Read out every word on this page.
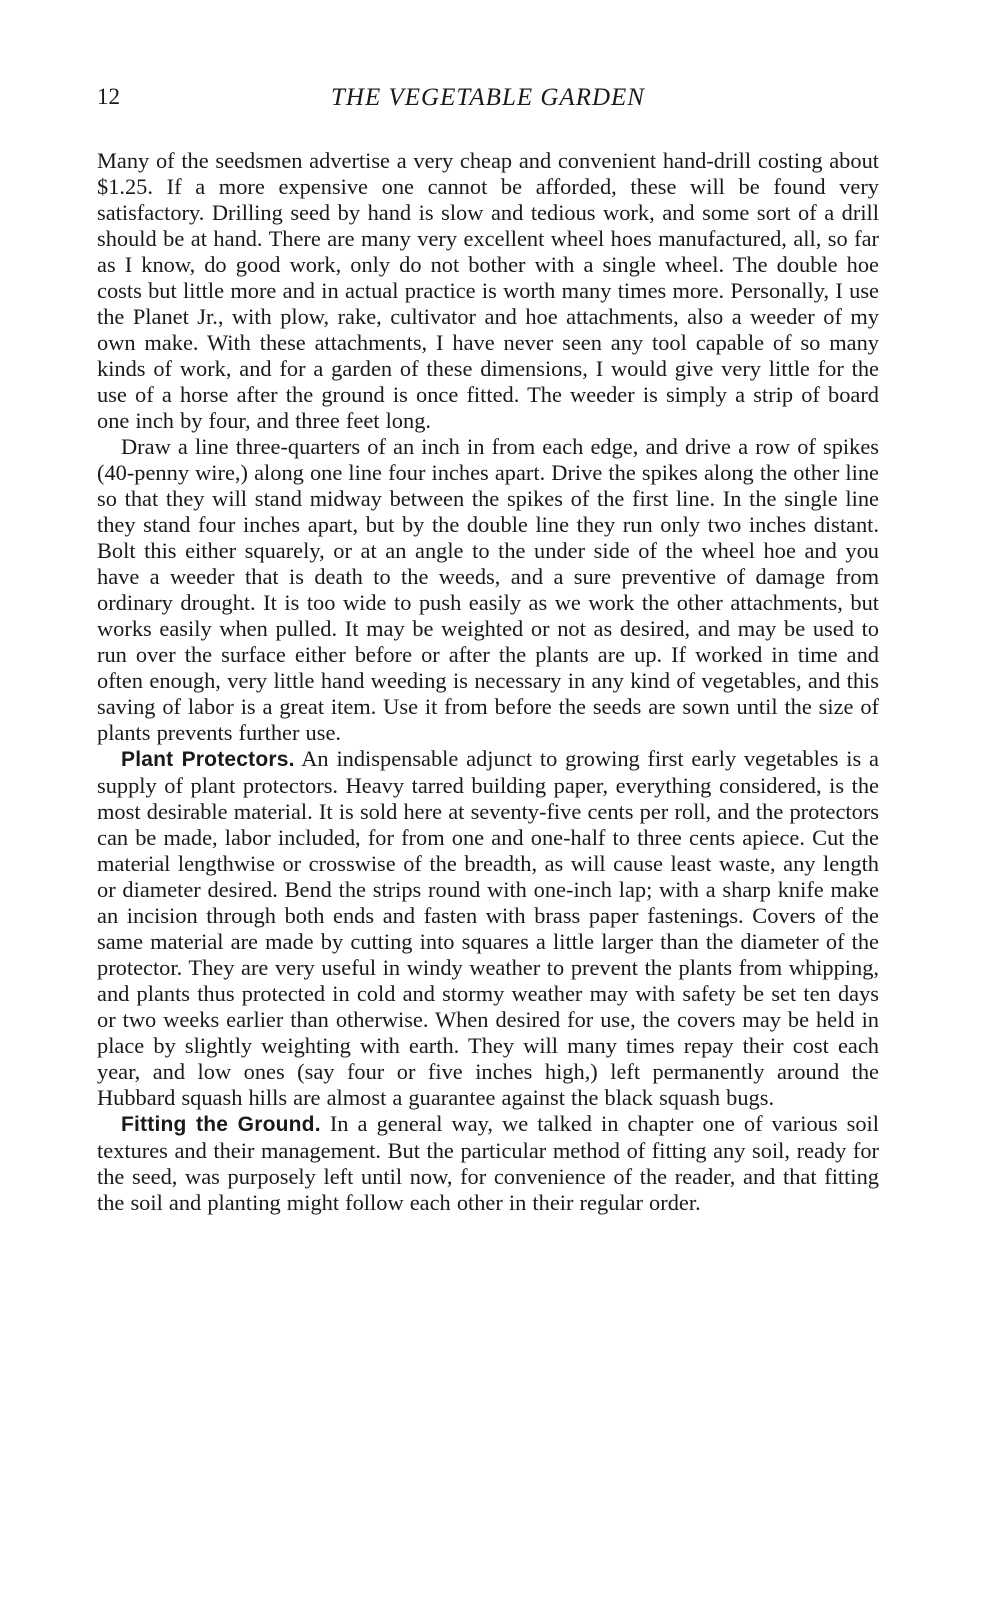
12	THE VEGETABLE GARDEN

Many of the seedsmen advertise a very cheap and convenient hand-drill costing about $1.25. If a more expensive one cannot be afforded, these will be found very satisfactory. Drilling seed by hand is slow and tedious work, and some sort of a drill should be at hand. There are many very excellent wheel hoes manufactured, all, so far as I know, do good work, only do not bother with a single wheel. The double hoe costs but little more and in actual practice is worth many times more. Personally, I use the Planet Jr., with plow, rake, cultivator and hoe attachments, also a weeder of my own make. With these attachments, I have never seen any tool capable of so many kinds of work, and for a garden of these dimensions, I would give very little for the use of a horse after the ground is once fitted. The weeder is simply a strip of board one inch by four, and three feet long.

Draw a line three-quarters of an inch in from each edge, and drive a row of spikes (40-penny wire,) along one line four inches apart. Drive the spikes along the other line so that they will stand midway between the spikes of the first line. In the single line they stand four inches apart, but by the double line they run only two inches distant. Bolt this either squarely, or at an angle to the under side of the wheel hoe and you have a weeder that is death to the weeds, and a sure preventive of damage from ordinary drought. It is too wide to push easily as we work the other attachments, but works easily when pulled. It may be weighted or not as desired, and may be used to run over the surface either before or after the plants are up. If worked in time and often enough, very little hand weeding is necessary in any kind of vegetables, and this saving of labor is a great item. Use it from before the seeds are sown until the size of plants prevents further use.

Plant Protectors. An indispensable adjunct to growing first early vegetables is a supply of plant protectors. Heavy tarred building paper, everything considered, is the most desirable material. It is sold here at seventy-five cents per roll, and the protectors can be made, labor included, for from one and one-half to three cents apiece. Cut the material lengthwise or crosswise of the breadth, as will cause least waste, any length or diameter desired. Bend the strips round with one-inch lap; with a sharp knife make an incision through both ends and fasten with brass paper fastenings. Covers of the same material are made by cutting into squares a little larger than the diameter of the protector. They are very useful in windy weather to prevent the plants from whipping, and plants thus protected in cold and stormy weather may with safety be set ten days or two weeks earlier than otherwise. When desired for use, the covers may be held in place by slightly weighting with earth. They will many times repay their cost each year, and low ones (say four or five inches high,) left permanently around the Hubbard squash hills are almost a guarantee against the black squash bugs.

Fitting the Ground. In a general way, we talked in chapter one of various soil textures and their management. But the particular method of fitting any soil, ready for the seed, was purposely left until now, for convenience of the reader, and that fitting the soil and planting might follow each other in their regular order.
